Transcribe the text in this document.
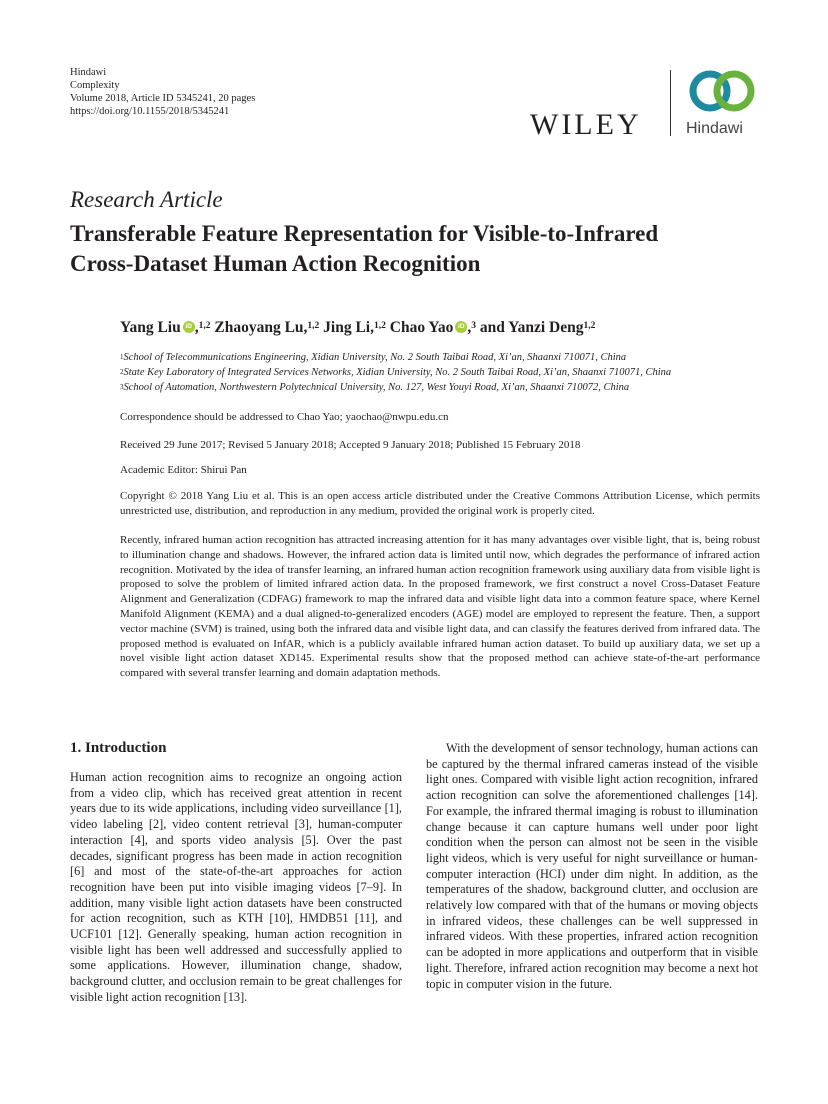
Hindawi
Complexity
Volume 2018, Article ID 5345241, 20 pages
https://doi.org/10.1155/2018/5345241	WILEY	Hindawi
Research Article
Transferable Feature Representation for Visible-to-Infrared
Cross-Dataset Human Action Recognition
Yang Liu iD ,$^{1,2}$ Zhaoyang Lu,$^{1,2}$ Jing Li,$^{1,2}$ Chao Yao iD ,$^3$ and Yanzi Deng$^{1,2}$
$^1$School of Telecommunications Engineering, Xidian University, No. 2 South Taibai Road, Xi’an, Shaanxi 710071, China
$^2$State Key Laboratory of Integrated Services Networks, Xidian University, No. 2 South Taibai Road, Xi’an, Shaanxi 710071, China
$^3$School of Automation, Northwestern Polytechnical University, No. 127, West Youyi Road, Xi’an, Shaanxi 710072, China
Correspondence should be addressed to Chao Yao; yaochao@nwpu.edu.cn
Received 29 June 2017; Revised 5 January 2018; Accepted 9 January 2018; Published 15 February 2018
Academic Editor: Shirui Pan
Copyright © 2018 Yang Liu et al. This is an open access article distributed under the Creative Commons Attribution License, which permits unrestricted use, distribution, and reproduction in any medium, provided the original work is properly cited.
Recently, infrared human action recognition has attracted increasing attention for it has many advantages over visible light, that is, being robust to illumination change and shadows. However, the infrared action data is limited until now, which degrades the performance of infrared action recognition. Motivated by the idea of transfer learning, an infrared human action recognition framework using auxiliary data from visible light is proposed to solve the problem of limited infrared action data. In the proposed framework, we first construct a novel Cross-Dataset Feature Alignment and Generalization (CDFAG) framework to map the infrared data and visible light data into a common feature space, where Kernel Manifold Alignment (KEMA) and a dual aligned-to-generalized encoders (AGE) model are employed to represent the feature. Then, a support vector machine (SVM) is trained, using both the infrared data and visible light data, and can classify the features derived from infrared data. The proposed method is evaluated on InfAR, which is a publicly available infrared human action dataset. To build up auxiliary data, we set up a novel visible light action dataset XD145. Experimental results show that the proposed method can achieve state-of-the-art performance compared with several transfer learning and domain adaptation methods.
1. Introduction
Human action recognition aims to recognize an ongoing action from a video clip, which has received great attention in recent years due to its wide applications, including video surveillance [1], video labeling [2], video content retrieval [3], human-computer interaction [4], and sports video analysis [5]. Over the past decades, significant progress has been made in action recognition [6] and most of the state-of-the-art approaches for action recognition have been put into visible imaging videos [7–9]. In addition, many visible light action datasets have been constructed for action recognition, such as KTH [10], HMDB51 [11], and UCF101 [12]. Generally speaking, human action recognition in visible light has been well addressed and successfully applied to some applications. However, illumination change, shadow, background clutter, and occlusion remain to be great challenges for visible light action recognition [13].
With the development of sensor technology, human actions can be captured by the thermal infrared cameras instead of the visible light ones. Compared with visible light action recognition, infrared action recognition can solve the aforementioned challenges [14]. For example, the infrared thermal imaging is robust to illumination change because it can capture humans well under poor light condition when the person can almost not be seen in the visible light videos, which is very useful for night surveillance or human-computer interaction (HCI) under dim night. In addition, as the temperatures of the shadow, background clutter, and occlusion are relatively low compared with that of the humans or moving objects in infrared videos, these challenges can be well suppressed in infrared videos. With these properties, infrared action recognition can be adopted in more applications and outperform that in visible light. Therefore, infrared action recognition may become a next hot topic in computer vision in the future.
